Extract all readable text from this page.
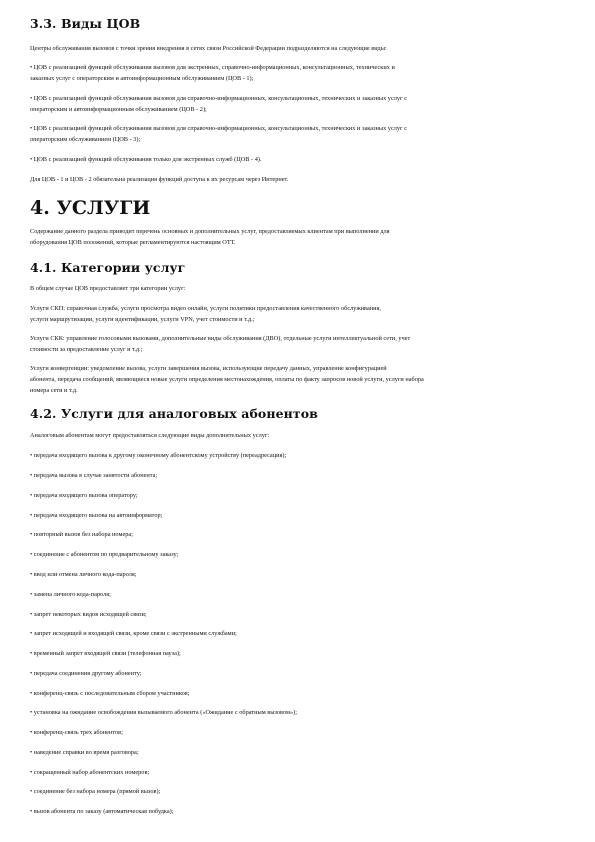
3.3. Виды ЦОВ
Центры обслуживания вызовов с точки зрения внедрения в сетях связи Российской Федерации подразделяются на следующие виды:
• ЦОВ с реализацией функций обслуживания вызовов для экстренных, справочно-информационных, консультационных, технических и
заказных услуг с операторским и автоинформационным обслуживанием (ЦОВ - 1);
• ЦОВ с реализацией функций обслуживания вызовов для справочно-информационных, консультационных, технических и заказных услуг с
операторским и автоинформационным обслуживанием (ЦОВ - 2);
• ЦОВ с реализацией функций обслуживания вызовов для справочно-информационных, консультационных, технических и заказных услуг с
операторским обслуживанием (ЦОВ - 3);
• ЦОВ с реализацией функций обслуживания только для экстренных служб (ЦОВ - 4).
Для ЦОВ - 1 и ЦОВ - 2 обязательна реализация функций доступа к их ресурсам через Интернет.
4. УСЛУГИ
Содержание данного раздела приводит перечень основных и дополнительных услуг, предоставляемых клиентам при выполнении для
оборудования ЦОВ положений, которые регламентируются настоящим ОТТ.
4.1. Категории услуг
В общем случае ЦОВ предоставляет три категории услуг:
Услуги СКП: справочная служба, услуги просмотра видео онлайн, услуги политики предоставления качественного обслуживания,
услуги маршрутизации, услуги идентификации, услуги VPN, учет стоимости и т.д.;
Услуги СКК: управление голосовыми вызовами, дополнительные виды обслуживания (ДВО), отдельные услуги интеллектуальной сети, учет
стоимости за предоставление услуг и т.д.;
Услуги конвергенции: уведомление вызова, услуги завершения вызова, использующие передачу данных, управление конфигурацией
абонента, передача сообщений, являющиеся новые услуги определения местонахождения, оплаты по факту запросов новой услуги, услуги набора
номера сети и т.д.
4.2. Услуги для аналоговых абонентов
Аналоговым абонентам могут предоставляться следующие виды дополнительных услуг:
• передача входящего вызова к другому оконечному абонентскому устройству (переадресация);
• передача вызова в случае занятости абонента;
• передача входящего вызова оператору;
• передача входящего вызова на автоинформатор;
• повторный вызов без набора номера;
• соединение с абонентом по предварительному заказу;
• ввод или отмена личного кода-пароля;
• замена личного кода-пароля;
• запрет некоторых видов исходящей связи;
• запрет исходящей и входящей связи, кроме связи с экстренными службами;
• временный запрет входящей связи (телефонная пауза);
• передача соединения другому абоненту;
• конференц-связь с последовательным сбором участников;
• установка на ожидание освобождения вызываемого абонента («Ожидание с обратным вызовом»);
• конференц-связь трех абонентов;
• наведение справки во время разговора;
• сокращенный набор абонентских номеров;
• соединение без набора номера (прямой вызов);
• вызов абонента по заказу (автоматическая побудка);
